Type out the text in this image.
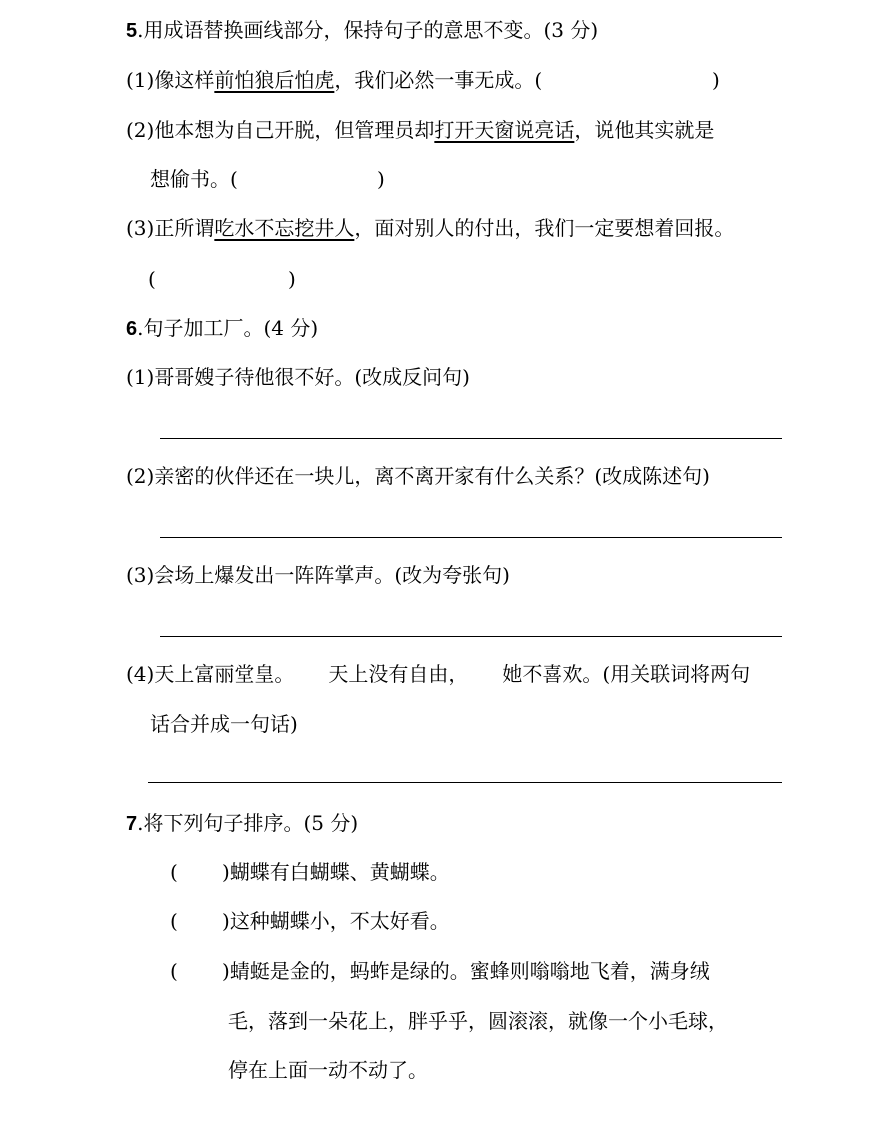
5.用成语替换画线部分，保持句子的意思不变。(3 分)
(1)像这样前怕狼后怕虎，我们必然一事无成。(	)
(2)他本想为自己开脱，但管理员却打开天窗说亮话，说他其实就是
想偷书。(	)
(3)正所谓吃水不忘挖井人，面对别人的付出，我们一定要想着回报。
(	)
6.句子加工厂。(4 分)
(1)哥哥嫂子待他很不好。(改成反问句)
(2)亲密的伙伴还在一块儿，离不离开家有什么关系？(改成陈述句)
(3)会场上爆发出一阵阵掌声。(改为夸张句)
(4)天上富丽堂皇。 天上没有自由， 她不喜欢。(用关联词将两句
话合并成一句话)
7.将下列句子排序。(5 分)
( )蝴蝶有白蝴蝶、黄蝴蝶。
( )这种蝴蝶小，不太好看。
( )蜻蜓是金的，蚂蚱是绿的。蜜蜂则嗡嗡地飞着，满身绒
毛，落到一朵花上，胖乎乎，圆滚滚，就像一个小毛球，
停在上面一动不动了。
